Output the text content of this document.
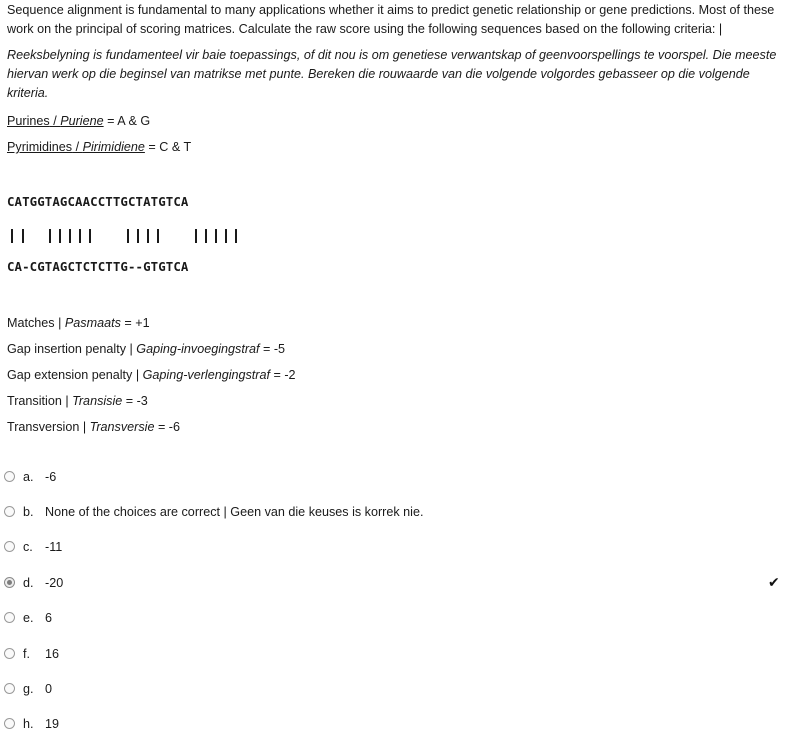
Sequence alignment is fundamental to many applications whether it aims to predict genetic relationship or gene predictions. Most of these work on the principal of scoring matrices. Calculate the raw score using the following sequences based on the following criteria: |

Reeksbelyning is fundamenteel vir baie toepassings, of dit nou is om genetiese verwantskap of geenvoorspellings te voorspel. Die meeste hiervan werk op die beginsel van matrikse met punte. Bereken die rouwaarde van die volgende volgordes gebasseer op die volgende kriteria.

Purines / Puriene = A & G
Pyrimidines / Pirimidiene = C & T
CATGGTAGCAACCTTGCTATGTCA
CA-CGTAGCTCTCTTG--GTGTCA
Matches | Pasmaats = +1
Gap insertion penalty | Gaping-invoegingstraf = -5
Gap extension penalty | Gaping-verlengingstraf = -2
Transition | Transisie = -3
Transversion | Transversie = -6
a. -6
b. None of the choices are correct | Geen van die keuses is korrek nie.
c. -11
d. -20	✔
e. 6
f. 16
g. 0
h. 19
